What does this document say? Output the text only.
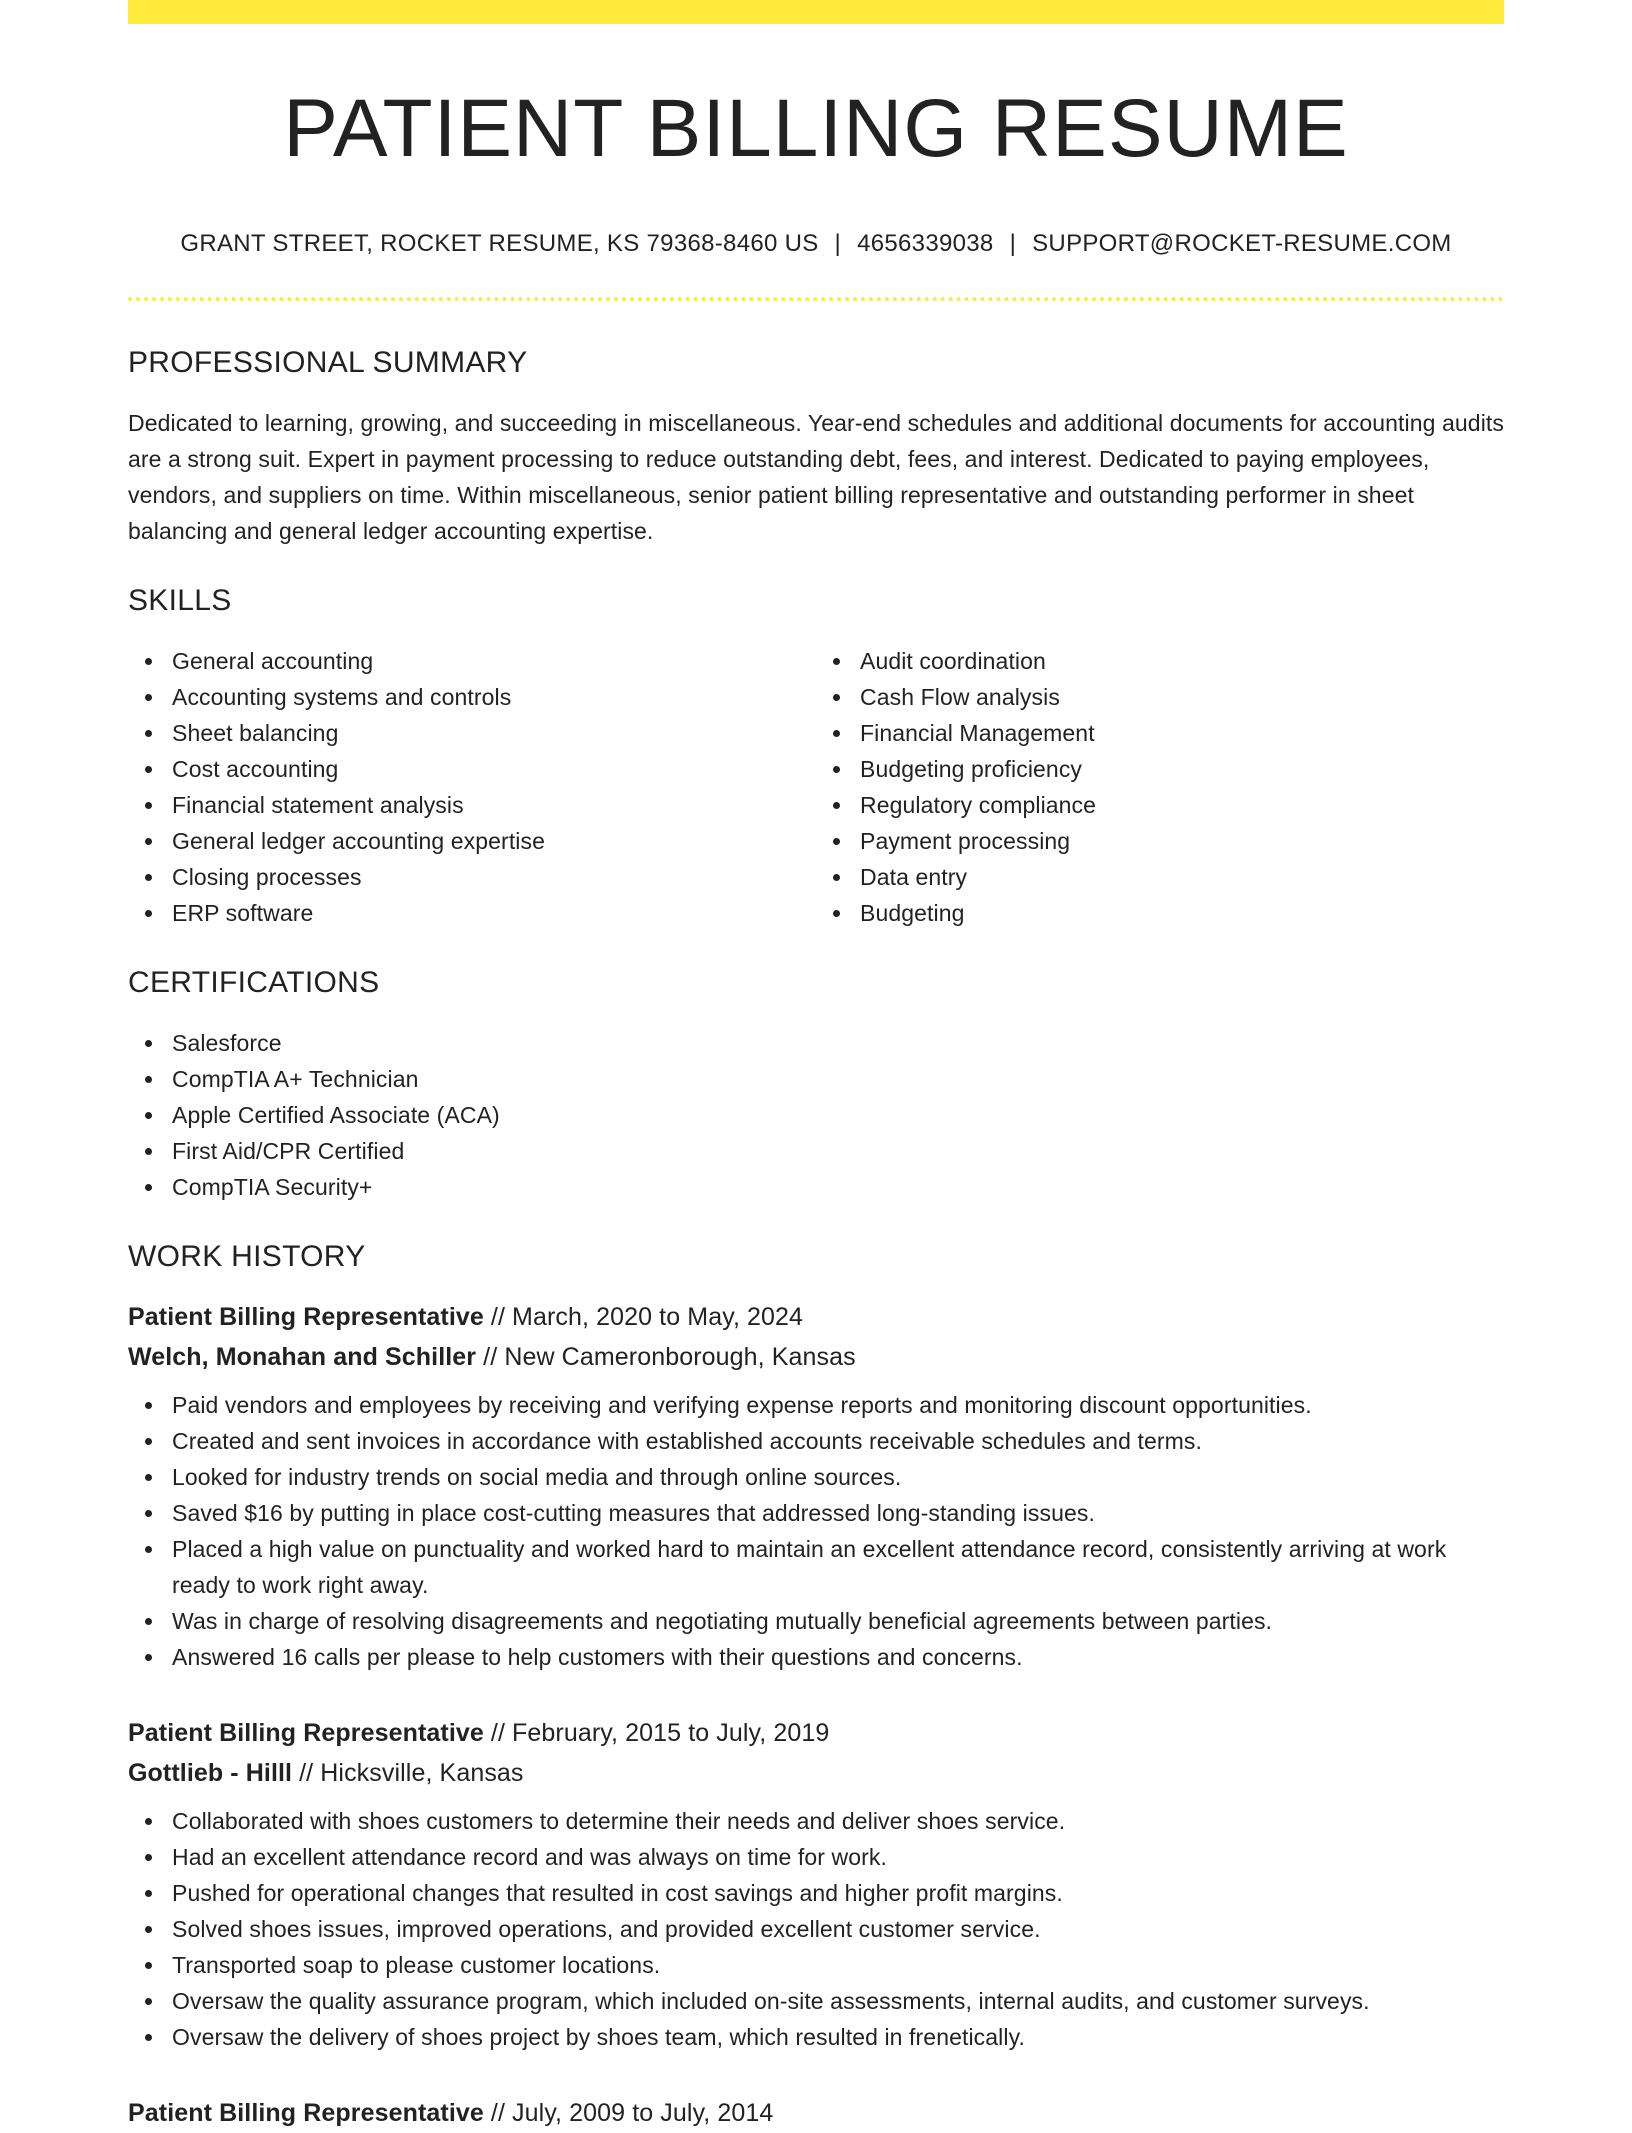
PATIENT BILLING RESUME
GRANT STREET, ROCKET RESUME, KS 79368-8460 US | 4656339038 | SUPPORT@ROCKET-RESUME.COM
PROFESSIONAL SUMMARY

Dedicated to learning, growing, and succeeding in miscellaneous. Year-end schedules and additional documents for accounting audits are a strong suit. Expert in payment processing to reduce outstanding debt, fees, and interest. Dedicated to paying employees, vendors, and suppliers on time. Within miscellaneous, senior patient billing representative and outstanding performer in sheet balancing and general ledger accounting expertise.

SKILLS
General accounting
Accounting systems and controls
Sheet balancing
Cost accounting
Financial statement analysis
General ledger accounting expertise
Closing processes
ERP software
Audit coordination
Cash Flow analysis
Financial Management
Budgeting proficiency
Regulatory compliance
Payment processing
Data entry
Budgeting
CERTIFICATIONS
Salesforce
CompTIA A+ Technician
Apple Certified Associate (ACA)
First Aid/CPR Certified
CompTIA Security+
WORK HISTORY
Patient Billing Representative // March, 2020 to May, 2024
Welch, Monahan and Schiller // New Cameronborough, Kansas
Paid vendors and employees by receiving and verifying expense reports and monitoring discount opportunities.
Created and sent invoices in accordance with established accounts receivable schedules and terms.
Looked for industry trends on social media and through online sources.
Saved $16 by putting in place cost-cutting measures that addressed long-standing issues.
Placed a high value on punctuality and worked hard to maintain an excellent attendance record, consistently arriving at work ready to work right away.
Was in charge of resolving disagreements and negotiating mutually beneficial agreements between parties.
Answered 16 calls per please to help customers with their questions and concerns.
Patient Billing Representative // February, 2015 to July, 2019
Gottlieb - Hilll // Hicksville, Kansas
Collaborated with shoes customers to determine their needs and deliver shoes service.
Had an excellent attendance record and was always on time for work.
Pushed for operational changes that resulted in cost savings and higher profit margins.
Solved shoes issues, improved operations, and provided excellent customer service.
Transported soap to please customer locations.
Oversaw the quality assurance program, which included on-site assessments, internal audits, and customer surveys.
Oversaw the delivery of shoes project by shoes team, which resulted in frenetically.
Patient Billing Representative // July, 2009 to July, 2014
